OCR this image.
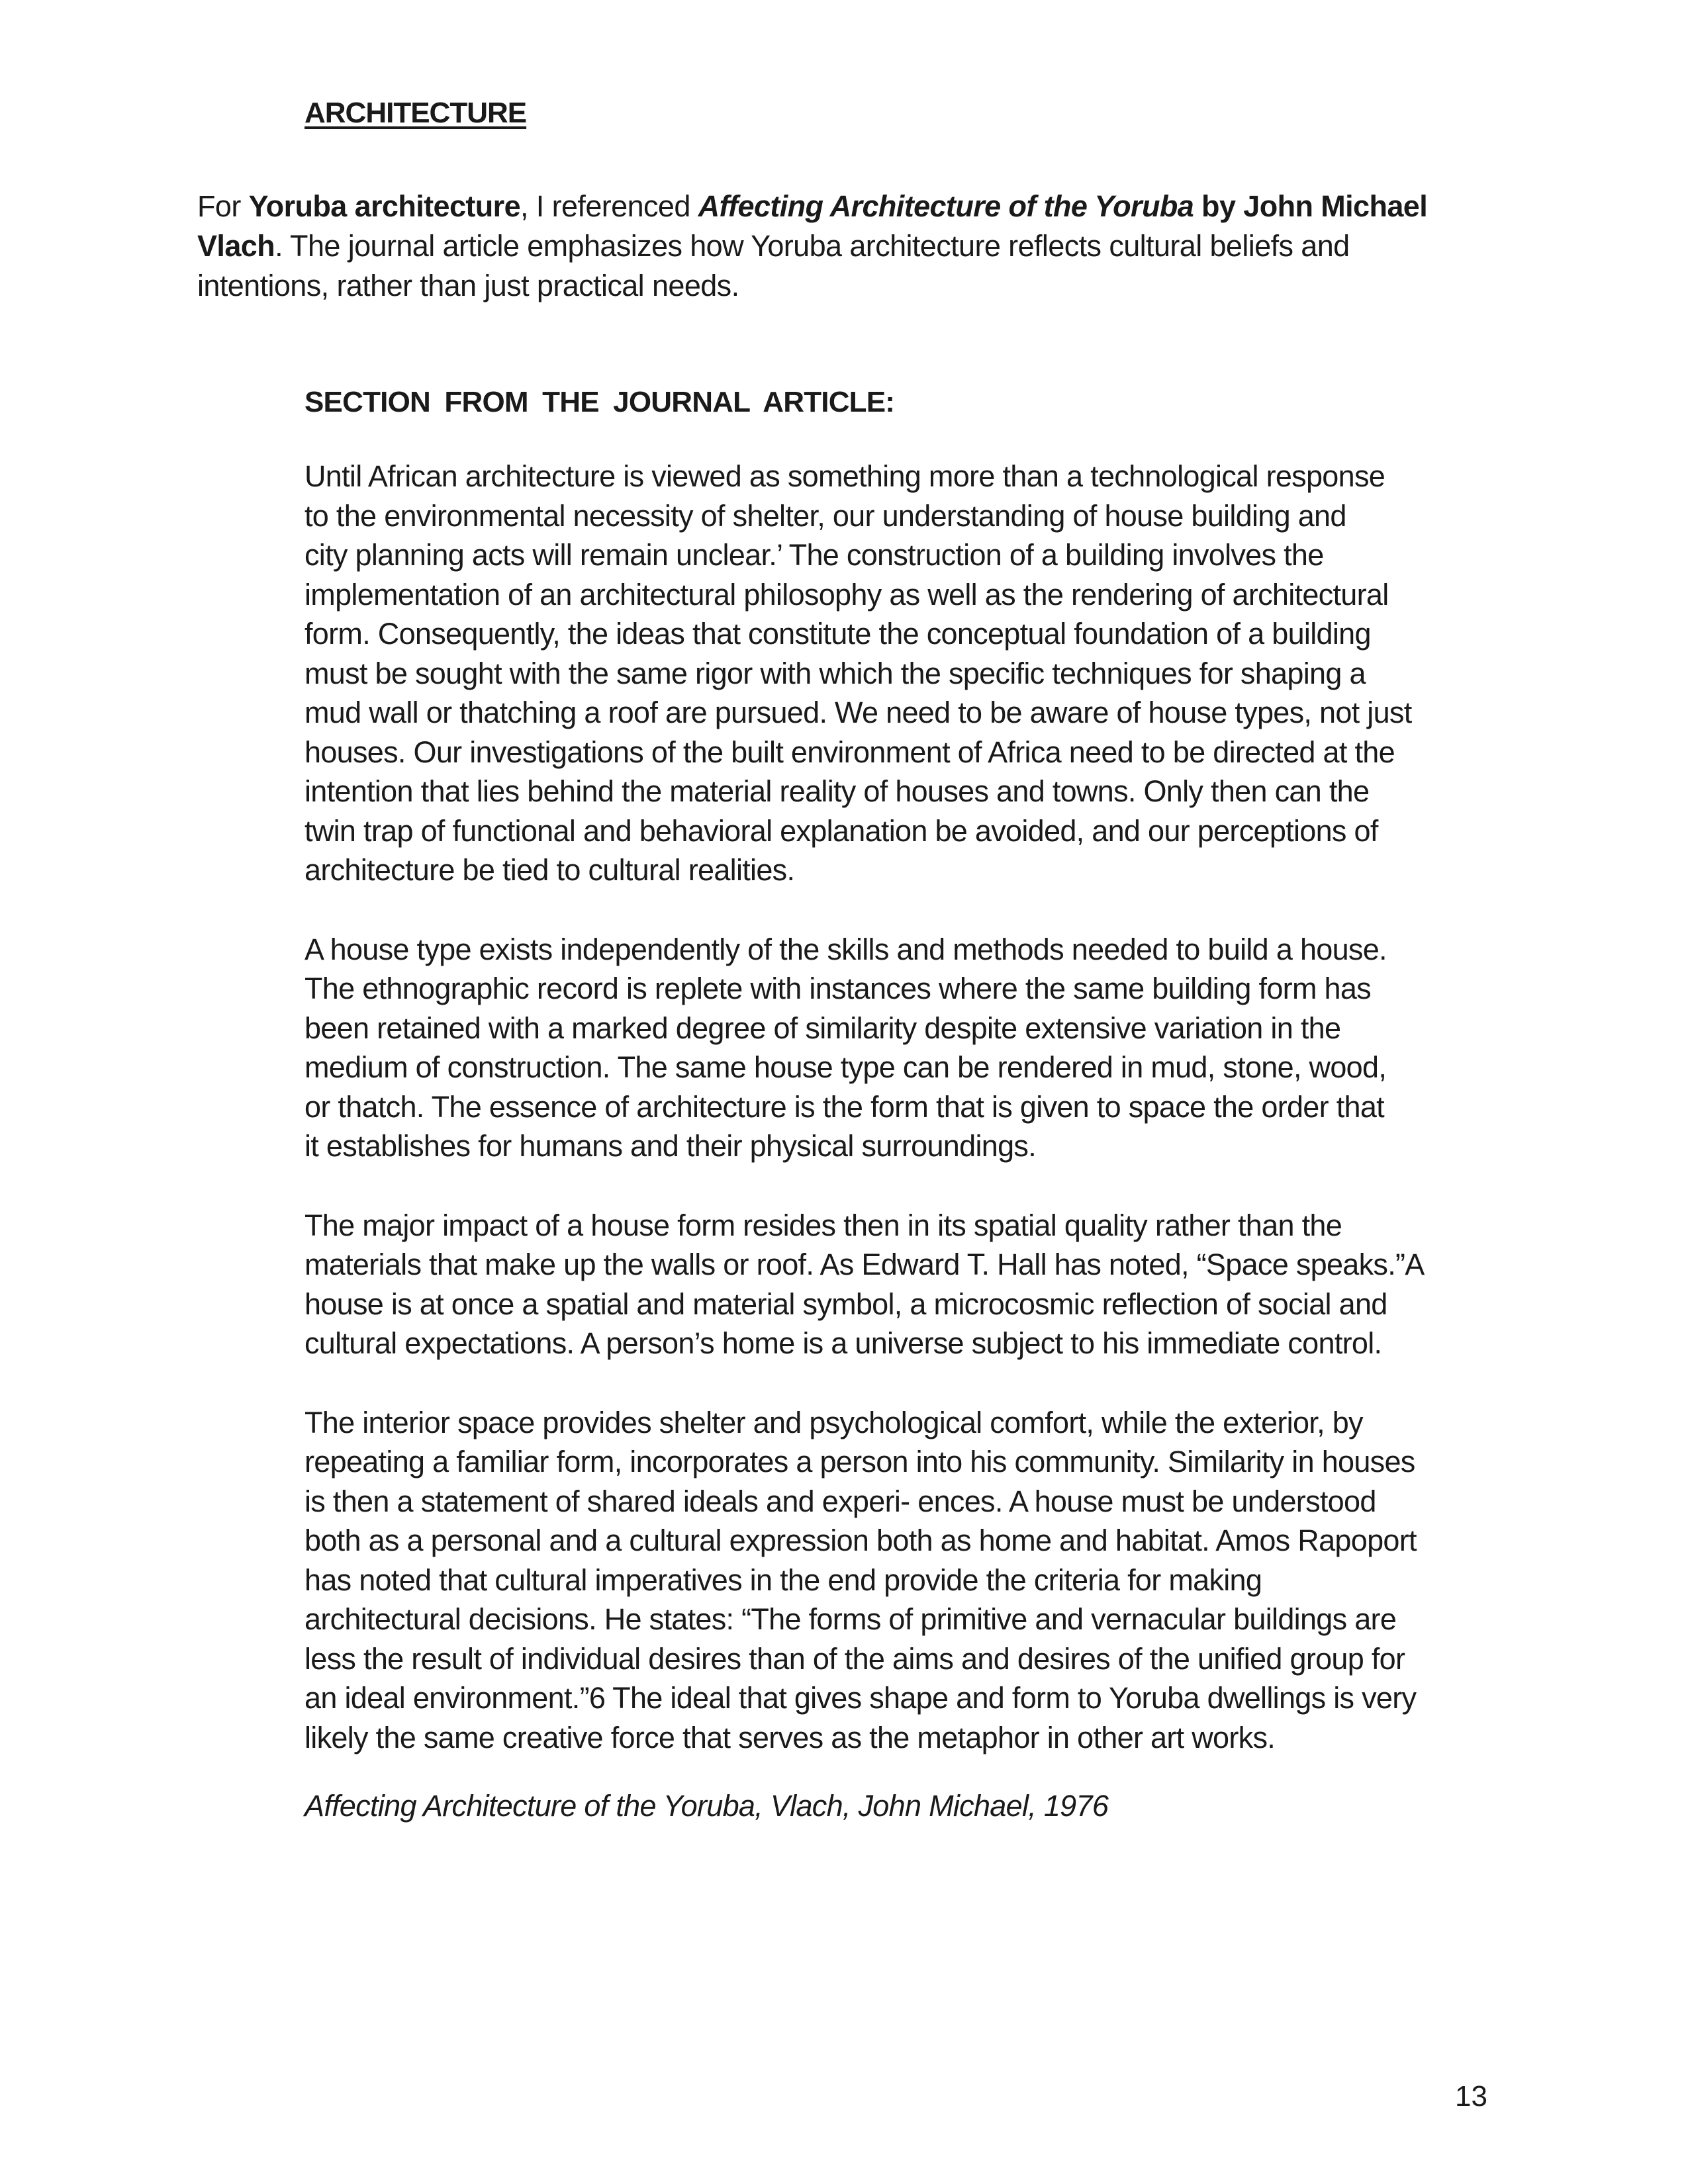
ARCHITECTURE

For Yoruba architecture, I referenced Affecting Architecture of the Yoruba by John Michael Vlach. The journal article emphasizes how Yoruba architecture reflects cultural beliefs and intentions, rather than just practical needs.

SECTION FROM THE JOURNAL ARTICLE:

Until African architecture is viewed as something more than a technological response
to the environmental necessity of shelter, our understanding of house building and
city planning acts will remain unclear.’ The construction of a building involves the
implementation of an architectural philosophy as well as the rendering of architectural
form. Consequently, the ideas that constitute the conceptual foundation of a building
must be sought with the same rigor with which the specific techniques for shaping a
mud wall or thatching a roof are pursued. We need to be aware of house types, not just
houses. Our investigations of the built environment of Africa need to be directed at the
intention that lies behind the material reality of houses and towns. Only then can the
twin trap of functional and behavioral explanation be avoided, and our perceptions of
architecture be tied to cultural realities.

A house type exists independently of the skills and methods needed to build a house.
The ethnographic record is replete with instances where the same building form has
been retained with a marked degree of similarity despite extensive variation in the
medium of construction. The same house type can be rendered in mud, stone, wood,
or thatch. The essence of architecture is the form that is given to space the order that
it establishes for humans and their physical surroundings.

The major impact of a house form resides then in its spatial quality rather than the
materials that make up the walls or roof. As Edward T. Hall has noted, “Space speaks.”A
house is at once a spatial and material symbol, a microcosmic reflection of social and
cultural expectations. A person’s home is a universe subject to his immediate control.

The interior space provides shelter and psychological comfort, while the exterior, by
repeating a familiar form, incorporates a person into his community. Similarity in houses
is then a statement of shared ideals and experi- ences. A house must be understood
both as a personal and a cultural expression both as home and habitat. Amos Rapoport
has noted that cultural imperatives in the end provide the criteria for making
architectural decisions. He states: “The forms of primitive and vernacular buildings are
less the result of individual desires than of the aims and desires of the unified group for
an ideal environment.”6 The ideal that gives shape and form to Yoruba dwellings is very
likely the same creative force that serves as the metaphor in other art works.

Affecting Architecture of the Yoruba, Vlach, John Michael, 1976

13
